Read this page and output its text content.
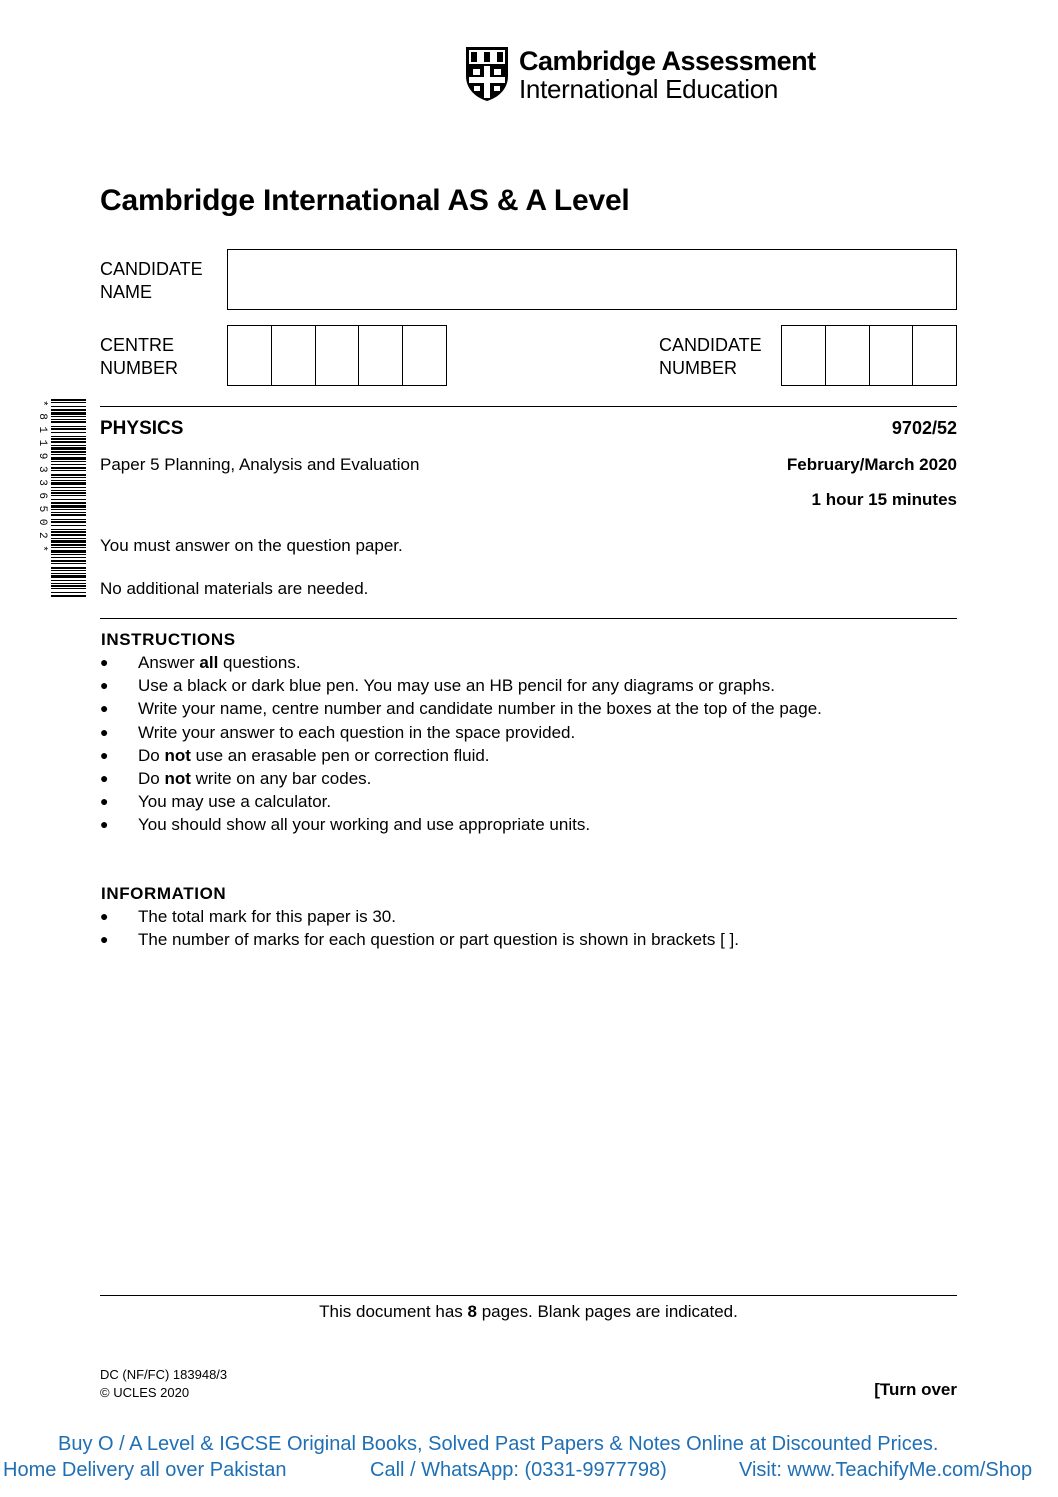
Cambridge Assessment
International Education
Cambridge International AS & A Level
CANDIDATE
NAME
CENTRE
NUMBER
CANDIDATE
NUMBER
* 8 1 1 9 3 3 6 5 0 2 *	PHYSICS	9702/52
Paper 5 Planning, Analysis and Evaluation	February/March 2020
1 hour 15 minutes
You must answer on the question paper.
No additional materials are needed.
INSTRUCTIONS
● Answer all questions.
● Use a black or dark blue pen. You may use an HB pencil for any diagrams or graphs.
● Write your name, centre number and candidate number in the boxes at the top of the page.
● Write your answer to each question in the space provided.
● Do not use an erasable pen or correction fluid.
● Do not write on any bar codes.
● You may use a calculator.
● You should show all your working and use appropriate units.
INFORMATION
● The total mark for this paper is 30.
● The number of marks for each question or part question is shown in brackets [ ].
This document has 8 pages. Blank pages are indicated.
DC (NF/FC) 183948/3
© UCLES 2020	[Turn over
Buy O / A Level & IGCSE Original Books, Solved Past Papers & Notes Online at Discounted Prices.
Home Delivery all over Pakistan	Call / WhatsApp: (0331-9977798)	Visit: www.TeachifyMe.com/Shop
